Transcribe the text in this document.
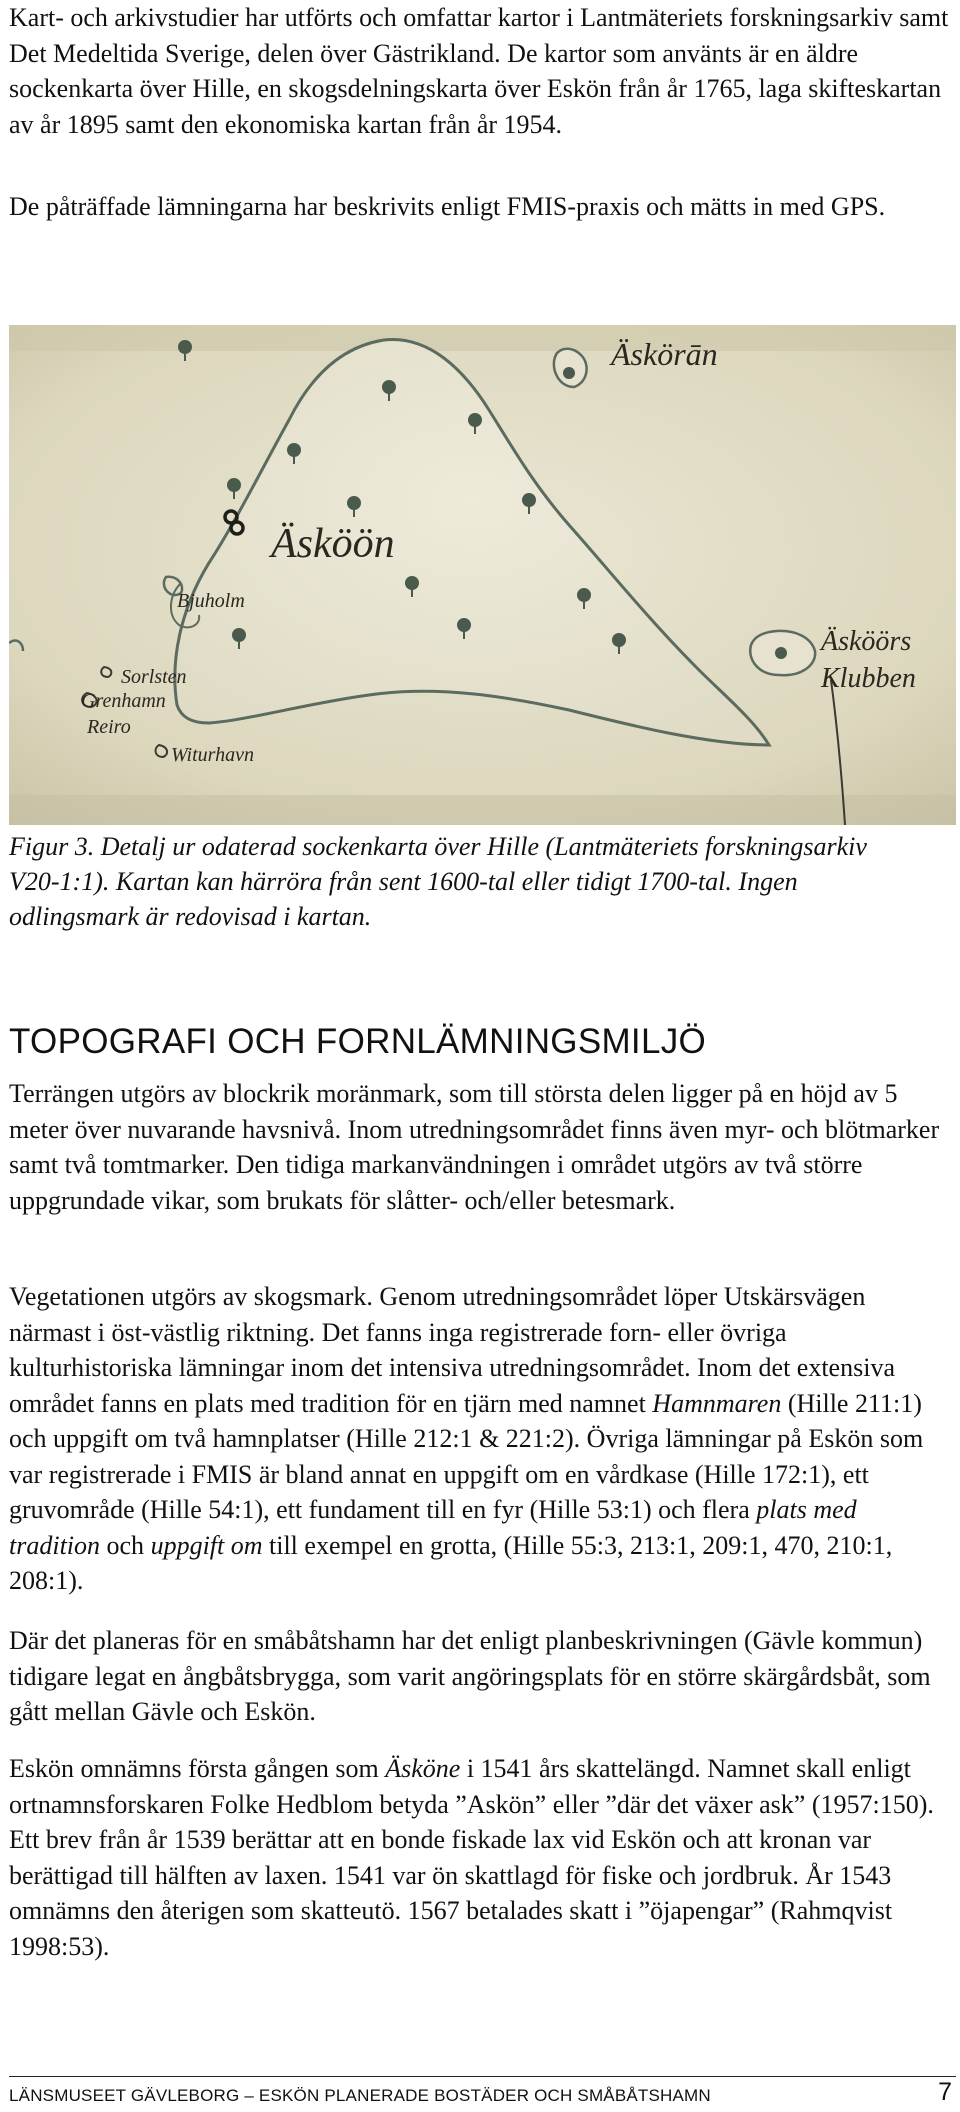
Kart- och arkivstudier har utförts och omfattar kartor i Lantmäteriets forskningsarkiv samt Det Medeltida Sverige, delen över Gästrikland. De kartor som använts är en äldre sockenkarta över Hille, en skogsdelningskarta över Eskön från år 1765, laga skifteskartan av år 1895 samt den ekonomiska kartan från år 1954.

De påträffade lämningarna har beskrivits enligt FMIS-praxis och mätts in med GPS.

Äskörān
Äsköön
Bjuholm
Sorlsten
Grenhamn
Reiro
Witurhavn
Äsköörs
Klubben

Figur 3. Detalj ur odaterad sockenkarta över Hille (Lantmäteriets forskningsarkiv V20-1:1). Kartan kan härröra från sent 1600-tal eller tidigt 1700-tal. Ingen odlingsmark är redovisad i kartan.

TOPOGRAFI OCH FORNLÄMNINGSMILJÖ

Terrängen utgörs av blockrik moränmark, som till största delen ligger på en höjd av 5 meter över nuvarande havsnivå. Inom utredningsområdet finns även myr- och blötmarker samt två tomtmarker. Den tidiga markanvändningen i området utgörs av två större uppgrundade vikar, som brukats för slåtter- och/eller betesmark.

Vegetationen utgörs av skogsmark. Genom utredningsområdet löper Utskärsvägen närmast i öst-västlig riktning. Det fanns inga registrerade forn- eller övriga kulturhistoriska lämningar inom det intensiva utredningsområdet. Inom det extensiva området fanns en plats med tradition för en tjärn med namnet Hamnmaren (Hille 211:1) och uppgift om två hamnplatser (Hille 212:1 & 221:2). Övriga lämningar på Eskön som var registrerade i FMIS är bland annat en uppgift om en vårdkase (Hille 172:1), ett gruvområde (Hille 54:1), ett fundament till en fyr (Hille 53:1) och flera plats med tradition och uppgift om till exempel en grotta, (Hille 55:3, 213:1, 209:1, 470, 210:1, 208:1).

Där det planeras för en småbåtshamn har det enligt planbeskrivningen (Gävle kommun) tidigare legat en ångbåtsbrygga, som varit angöringsplats för en större skärgårdsbåt, som gått mellan Gävle och Eskön.

Eskön omnämns första gången som Äsköne i 1541 års skattelängd. Namnet skall enligt ortnamnsforskaren Folke Hedblom betyda ”Askön” eller ”där det växer ask” (1957:150). Ett brev från år 1539 berättar att en bonde fiskade lax vid Eskön och att kronan var berättigad till hälften av laxen. 1541 var ön skattlagd för fiske och jordbruk. År 1543 omnämns den återigen som skatteutö. 1567 betalades skatt i ”öjapengar” (Rahmqvist 1998:53).

LÄNSMUSEET GÄVLEBORG – ESKÖN PLANERADE BOSTÄDER OCH SMÅBÅTSHAMN	7
